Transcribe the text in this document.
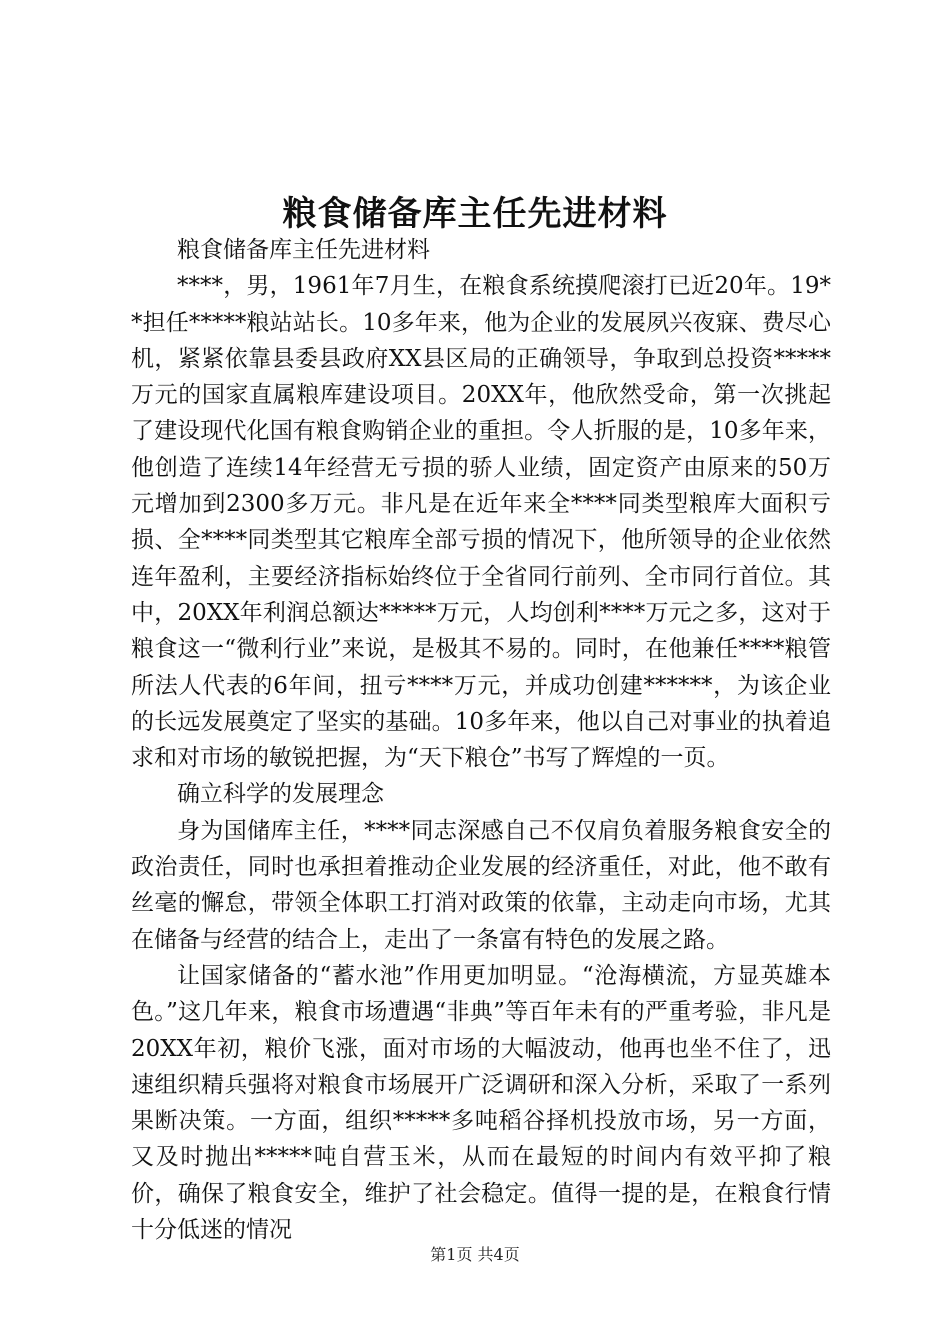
粮食储备库主任先进材料

粮食储备库主任先进材料

****，男，1961年7月生，在粮食系统摸爬滚打已近20年。19**担任*****粮站站长。10多年来，他为企业的发展夙兴夜寐、费尽心机，紧紧依靠县委县政府XX县区局的正确领导，争取到总投资*****万元的国家直属粮库建设项目。20XX年，他欣然受命，第一次挑起了建设现代化国有粮食购销企业的重担。令人折服的是，10多年来，他创造了连续14年经营无亏损的骄人业绩，固定资产由原来的50万元增加到2300多万元。非凡是在近年来全****同类型粮库大面积亏损、全****同类型其它粮库全部亏损的情况下，他所领导的企业依然连年盈利，主要经济指标始终位于全省同行前列、全市同行首位。其中，20XX年利润总额达*****万元，人均创利****万元之多，这对于粮食这一“微利行业”来说，是极其不易的。同时，在他兼任****粮管所法人代表的6年间，扭亏****万元，并成功创建******，为该企业的长远发展奠定了坚实的基础。10多年来，他以自己对事业的执着追求和对市场的敏锐把握，为“天下粮仓”书写了辉煌的一页。

确立科学的发展理念

身为国储库主任，****同志深感自己不仅肩负着服务粮食安全的政治责任，同时也承担着推动企业发展的经济重任，对此，他不敢有丝毫的懈怠，带领全体职工打消对政策的依靠，主动走向市场，尤其在储备与经营的结合上，走出了一条富有特色的发展之路。

让国家储备的“蓄水池”作用更加明显。“沧海横流，方显英雄本色。”这几年来，粮食市场遭遇“非典”等百年未有的严重考验，非凡是20XX年初，粮价飞涨，面对市场的大幅波动，他再也坐不住了，迅速组织精兵强将对粮食市场展开广泛调研和深入分析，采取了一系列果断决策。一方面，组织*****多吨稻谷择机投放市场，另一方面，又及时抛出*****吨自营玉米，从而在最短的时间内有效平抑了粮价，确保了粮食安全，维护了社会稳定。值得一提的是，在粮食行情十分低迷的情况

第1页 共4页
